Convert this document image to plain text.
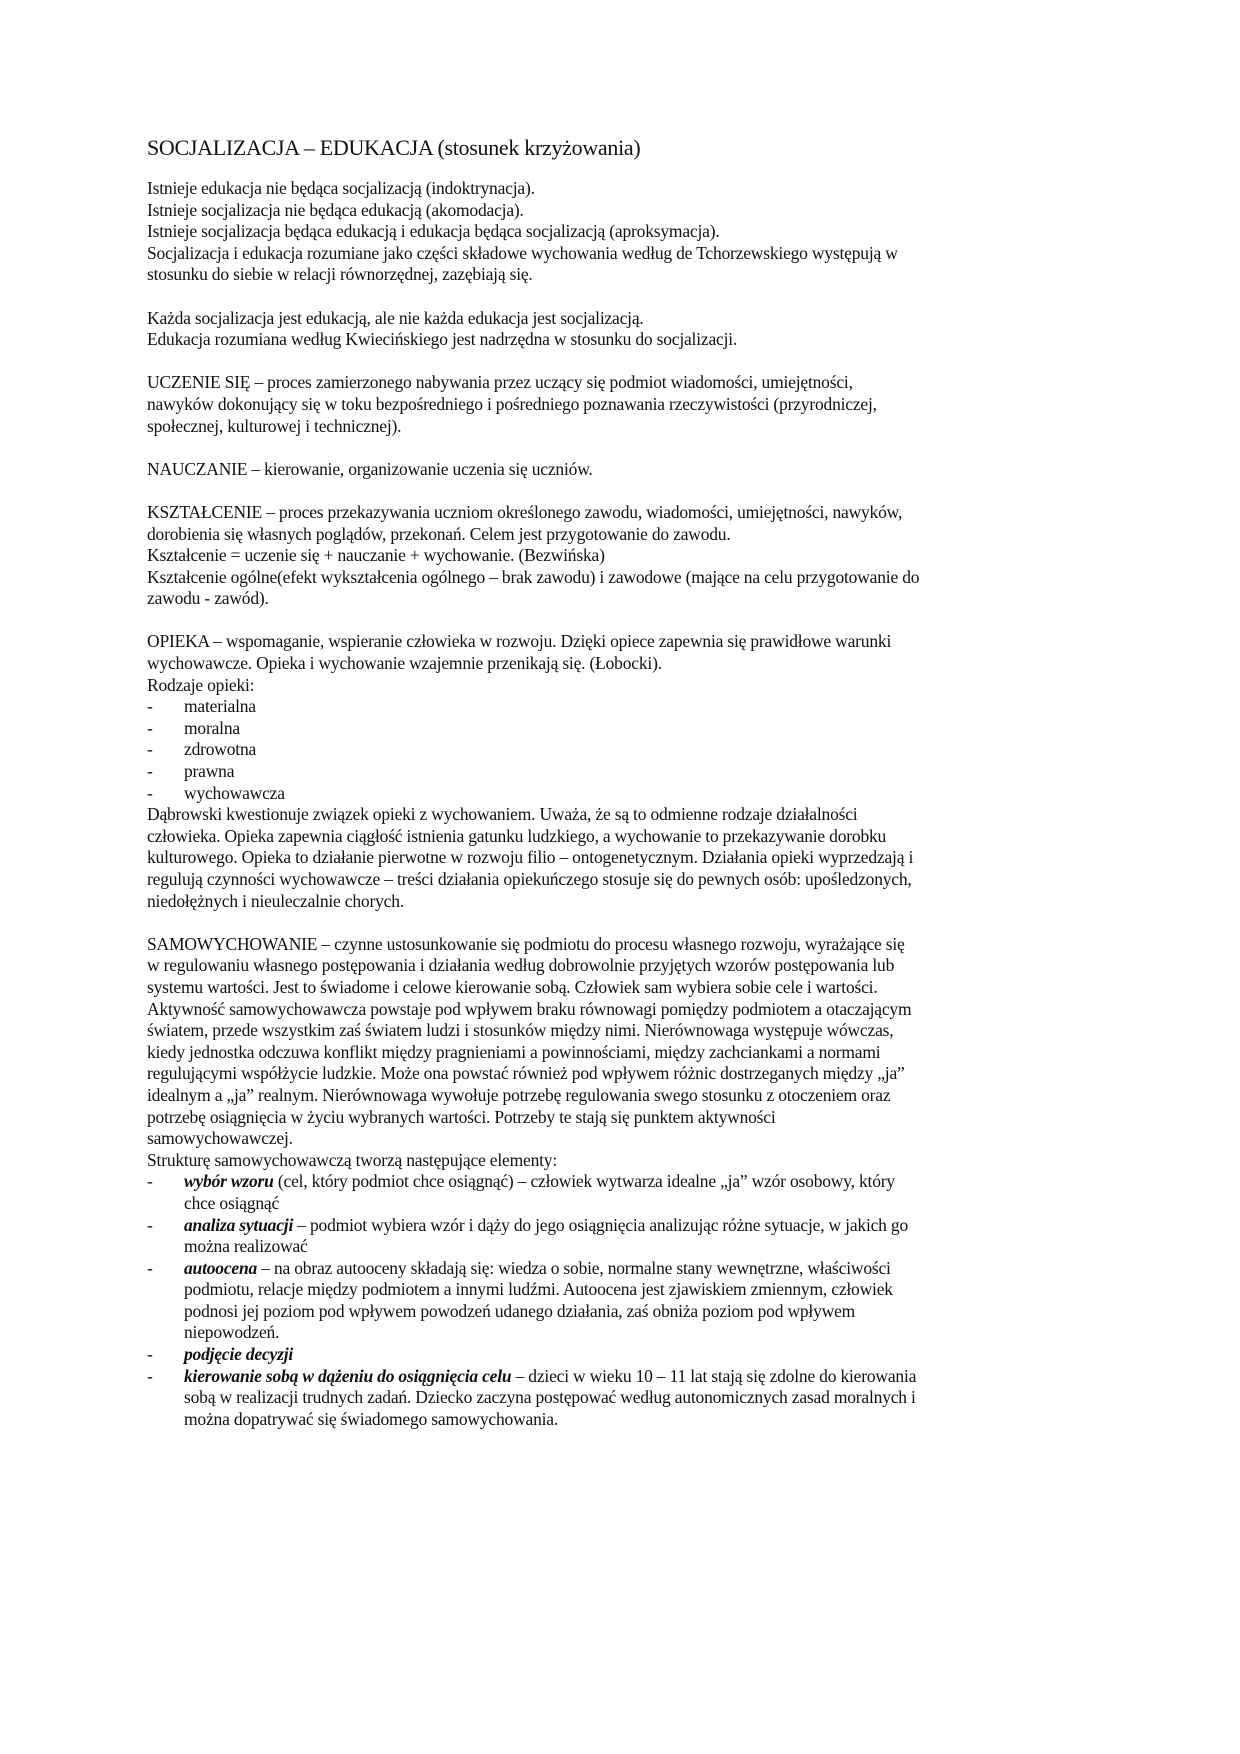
SOCJALIZACJA – EDUKACJA (stosunek krzyżowania)
Istnieje edukacja nie będąca socjalizacją (indoktrynacja).
Istnieje socjalizacja nie będąca edukacją (akomodacja).
Istnieje socjalizacja będąca edukacją i edukacja będąca socjalizacją (aproksymacja).
Socjalizacja i edukacja rozumiane jako części składowe wychowania według de Tchorzewskiego występują w
stosunku do siebie w relacji równorzędnej, zazębiają się.
Każda socjalizacja jest edukacją, ale nie każda edukacja jest socjalizacją.
Edukacja rozumiana według Kwiecińskiego jest nadrzędna w stosunku do socjalizacji.
UCZENIE SIĘ – proces zamierzonego nabywania przez uczący się podmiot wiadomości, umiejętności,
nawyków dokonujący się w toku bezpośredniego i pośredniego poznawania rzeczywistości (przyrodniczej,
społecznej, kulturowej i technicznej).
NAUCZANIE – kierowanie, organizowanie uczenia się uczniów.
KSZTAŁCENIE – proces przekazywania uczniom określonego zawodu, wiadomości, umiejętności, nawyków,
dorobienia się własnych poglądów, przekonań. Celem jest przygotowanie do zawodu.
Kształcenie = uczenie się + nauczanie + wychowanie. (Bezwińska)
Kształcenie ogólne(efekt wykształcenia ogólnego – brak zawodu) i zawodowe (mające na celu przygotowanie do
zawodu - zawód).
OPIEKA – wspomaganie, wspieranie człowieka w rozwoju. Dzięki opiece zapewnia się prawidłowe warunki
wychowawcze. Opieka i wychowanie wzajemnie przenikają się. (Łobocki).
Rodzaje opieki:
- materialna
- moralna
- zdrowotna
- prawna
- wychowawcza
Dąbrowski kwestionuje związek opieki z wychowaniem. Uważa, że są to odmienne rodzaje działalności
człowieka. Opieka zapewnia ciągłość istnienia gatunku ludzkiego, a wychowanie to przekazywanie dorobku
kulturowego. Opieka to działanie pierwotne w rozwoju filio – ontogenetycznym. Działania opieki wyprzedzają i
regulują czynności wychowawcze – treści działania opiekuńczego stosuje się do pewnych osób: upośledzonych,
niedołężnych i nieuleczalnie chorych.
SAMOWYCHOWANIE – czynne ustosunkowanie się podmiotu do procesu własnego rozwoju, wyrażające się
w regulowaniu własnego postępowania i działania według dobrowolnie przyjętych wzorów postępowania lub
systemu wartości. Jest to świadome i celowe kierowanie sobą. Człowiek sam wybiera sobie cele i wartości.
Aktywność samowychowawcza powstaje pod wpływem braku równowagi pomiędzy podmiotem a otaczającym
światem, przede wszystkim zaś światem ludzi i stosunków między nimi. Nierównowaga występuje wówczas,
kiedy jednostka odczuwa konflikt między pragnieniami a powinnościami, między zachciankami a normami
regulującymi współżycie ludzkie. Może ona powstać również pod wpływem różnic dostrzeganych między „ja”
idealnym a „ja” realnym. Nierównowaga wywołuje potrzebę regulowania swego stosunku z otoczeniem oraz
potrzebę osiągnięcia w życiu wybranych wartości. Potrzeby te stają się punktem aktywności
samowychowawczej.
Strukturę samowychowawczą tworzą następujące elementy:
- wybór wzoru (cel, który podmiot chce osiągnąć) – człowiek wytwarza idealne „ja” wzór osobowy, który
chce osiągnąć
- analiza sytuacji – podmiot wybiera wzór i dąży do jego osiągnięcia analizując różne sytuacje, w jakich go
można realizować
- autoocena – na obraz autooceny składają się: wiedza o sobie, normalne stany wewnętrzne, właściwości
podmiotu, relacje między podmiotem a innymi ludźmi. Autoocena jest zjawiskiem zmiennym, człowiek
podnosi jej poziom pod wpływem powodzeń udanego działania, zaś obniża poziom pod wpływem
niepowodzeń.
- podjęcie decyzji
- kierowanie sobą w dążeniu do osiągnięcia celu – dzieci w wieku 10 – 11 lat stają się zdolne do kierowania
sobą w realizacji trudnych zadań. Dziecko zaczyna postępować według autonomicznych zasad moralnych i
można dopatrywać się świadomego samowychowania.
